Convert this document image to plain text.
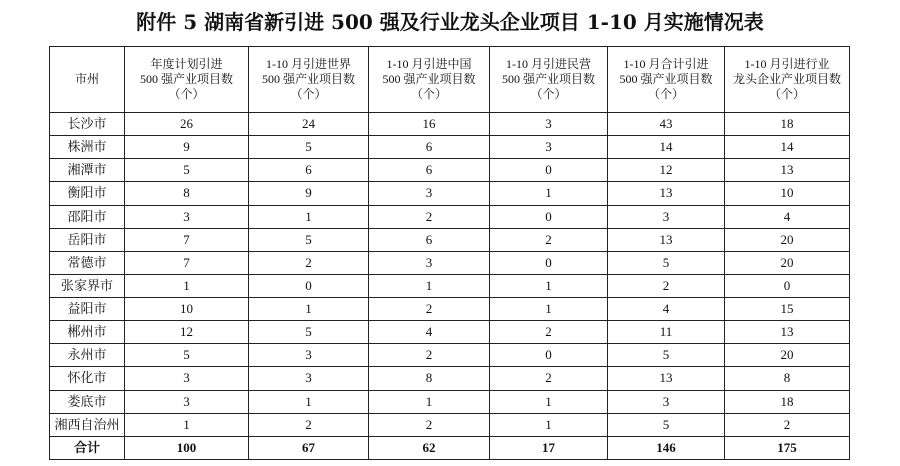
附件 5 湖南省新引进 500 强及行业龙头企业项目 1-10 月实施情况表
市州	年度计划引进
500 强产业项目数
（个）	1-10 月引进世界
500 强产业项目数
（个）	1-10 月引进中国
500 强产业项目数
（个）	1-10 月引进民营
500 强产业项目数
（个）	1-10 月合计引进
500 强产业项目数
（个）	1-10 月引进行业
龙头企业产业项目数
（个）

长沙市	26	24	16	3	43	18
株洲市	9	5	6	3	14	14
湘潭市	5	6	6	0	12	13
衡阳市	8	9	3	1	13	10
邵阳市	3	1	2	0	3	4
岳阳市	7	5	6	2	13	20
常德市	7	2	3	0	5	20
张家界市	1	0	1	1	2	0
益阳市	10	1	2	1	4	15
郴州市	12	5	4	2	11	13
永州市	5	3	2	0	5	20
怀化市	3	3	8	2	13	8
娄底市	3	1	1	1	3	18
湘西自治州	1	2	2	1	5	2
合计	100	67	62	17	146	175
